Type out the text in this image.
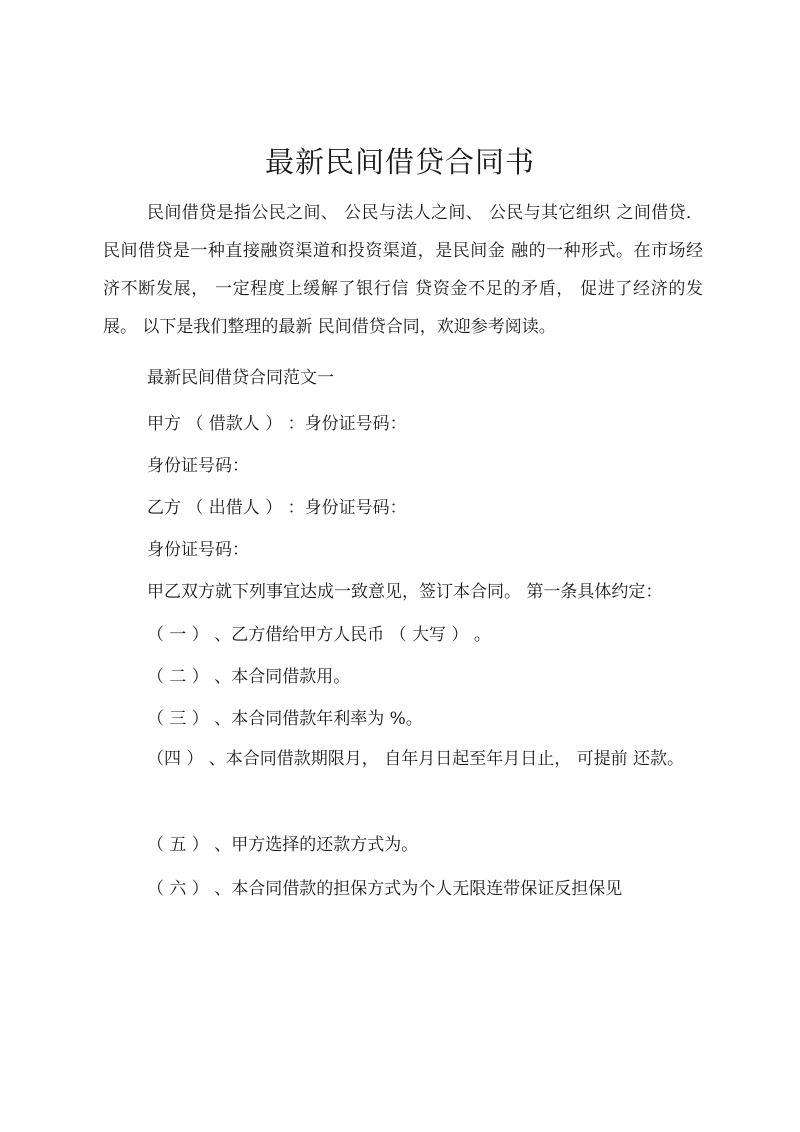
最新民间借贷合同书

民间借贷是指公民之间、 公民与法人之间、 公民与其它组织 之间借贷．民间借贷是一种直接融资渠道和投资渠道，是民间金 融的一种形式。在市场经济不断发展， 一定程度上缓解了银行信 贷资金不足的矛盾， 促进了经济的发展。 以下是我们整理的最新 民间借贷合同，欢迎参考阅读。

最新民间借贷合同范文一

甲方 （ 借款人 ） ：身份证号码：

身份证号码：

乙方 （ 出借人 ） ：身份证号码：

身份证号码：

甲乙双方就下列事宜达成一致意见，签订本合同。 第一条具体约定：

（ 一 ） 、乙方借给甲方人民币 （ 大写 ） 。

（ 二 ） 、本合同借款用。

（ 三 ） 、本合同借款年利率为 %。

（四 ） 、本合同借款期限月， 自年月日起至年月日止， 可提前 还款。

（ 五 ） 、甲方选择的还款方式为。

（ 六 ） 、本合同借款的担保方式为个人无限连带保证反担保见
